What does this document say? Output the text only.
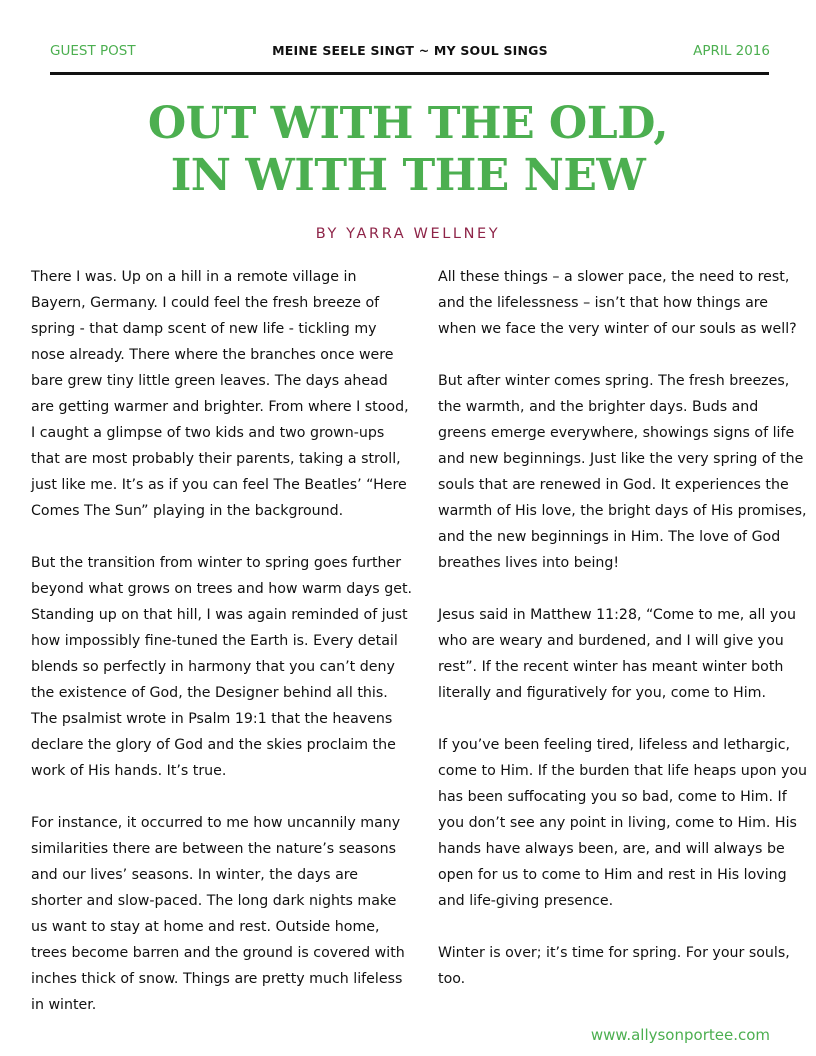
GUEST POST	MEINE SEELE SINGT ~ MY SOUL SINGS	APRIL 2016
OUT WITH THE OLD,
IN WITH THE NEW
BY YARRA WELLNEY

There I was. Up on a hill in a remote village in Bayern, Germany. I could feel the fresh breeze of spring - that damp scent of new life - tickling my nose already. There where the branches once were bare grew tiny little green leaves. The days ahead are getting warmer and brighter. From where I stood, I caught a glimpse of two kids and two grown-ups that are most probably their parents, taking a stroll, just like me. It’s as if you can feel The Beatles’ “Here Comes The Sun” playing in the background.

But the transition from winter to spring goes further beyond what grows on trees and how warm days get. Standing up on that hill, I was again reminded of just how impossibly fine-tuned the Earth is. Every detail blends so perfectly in harmony that you can’t deny the existence of God, the Designer behind all this. The psalmist wrote in Psalm 19:1 that the heavens declare the glory of God and the skies proclaim the work of His hands. It’s true.

For instance, it occurred to me how uncannily many similarities there are between the nature’s seasons and our lives’ seasons. In winter, the days are shorter and slow-paced. The long dark nights make us want to stay at home and rest. Outside home, trees become barren and the ground is covered with inches thick of snow. Things are pretty much lifeless in winter.

All these things – a slower pace, the need to rest, and the lifelessness – isn’t that how things are when we face the very winter of our souls as well?

But after winter comes spring. The fresh breezes, the warmth, and the brighter days. Buds and greens emerge everywhere, showings signs of life and new beginnings. Just like the very spring of the souls that are renewed in God. It experiences the warmth of His love, the bright days of His promises, and the new beginnings in Him. The love of God breathes lives into being!

Jesus said in Matthew 11:28, “Come to me, all you who are weary and burdened, and I will give you rest”. If the recent winter has meant winter both literally and figuratively for you, come to Him.

If you’ve been feeling tired, lifeless and lethargic, come to Him. If the burden that life heaps upon you has been suffocating you so bad, come to Him. If you don’t see any point in living, come to Him. His hands have always been, are, and will always be open for us to come to Him and rest in His loving and life-giving presence.

Winter is over; it’s time for spring. For your souls, too.

www.allysonportee.com
